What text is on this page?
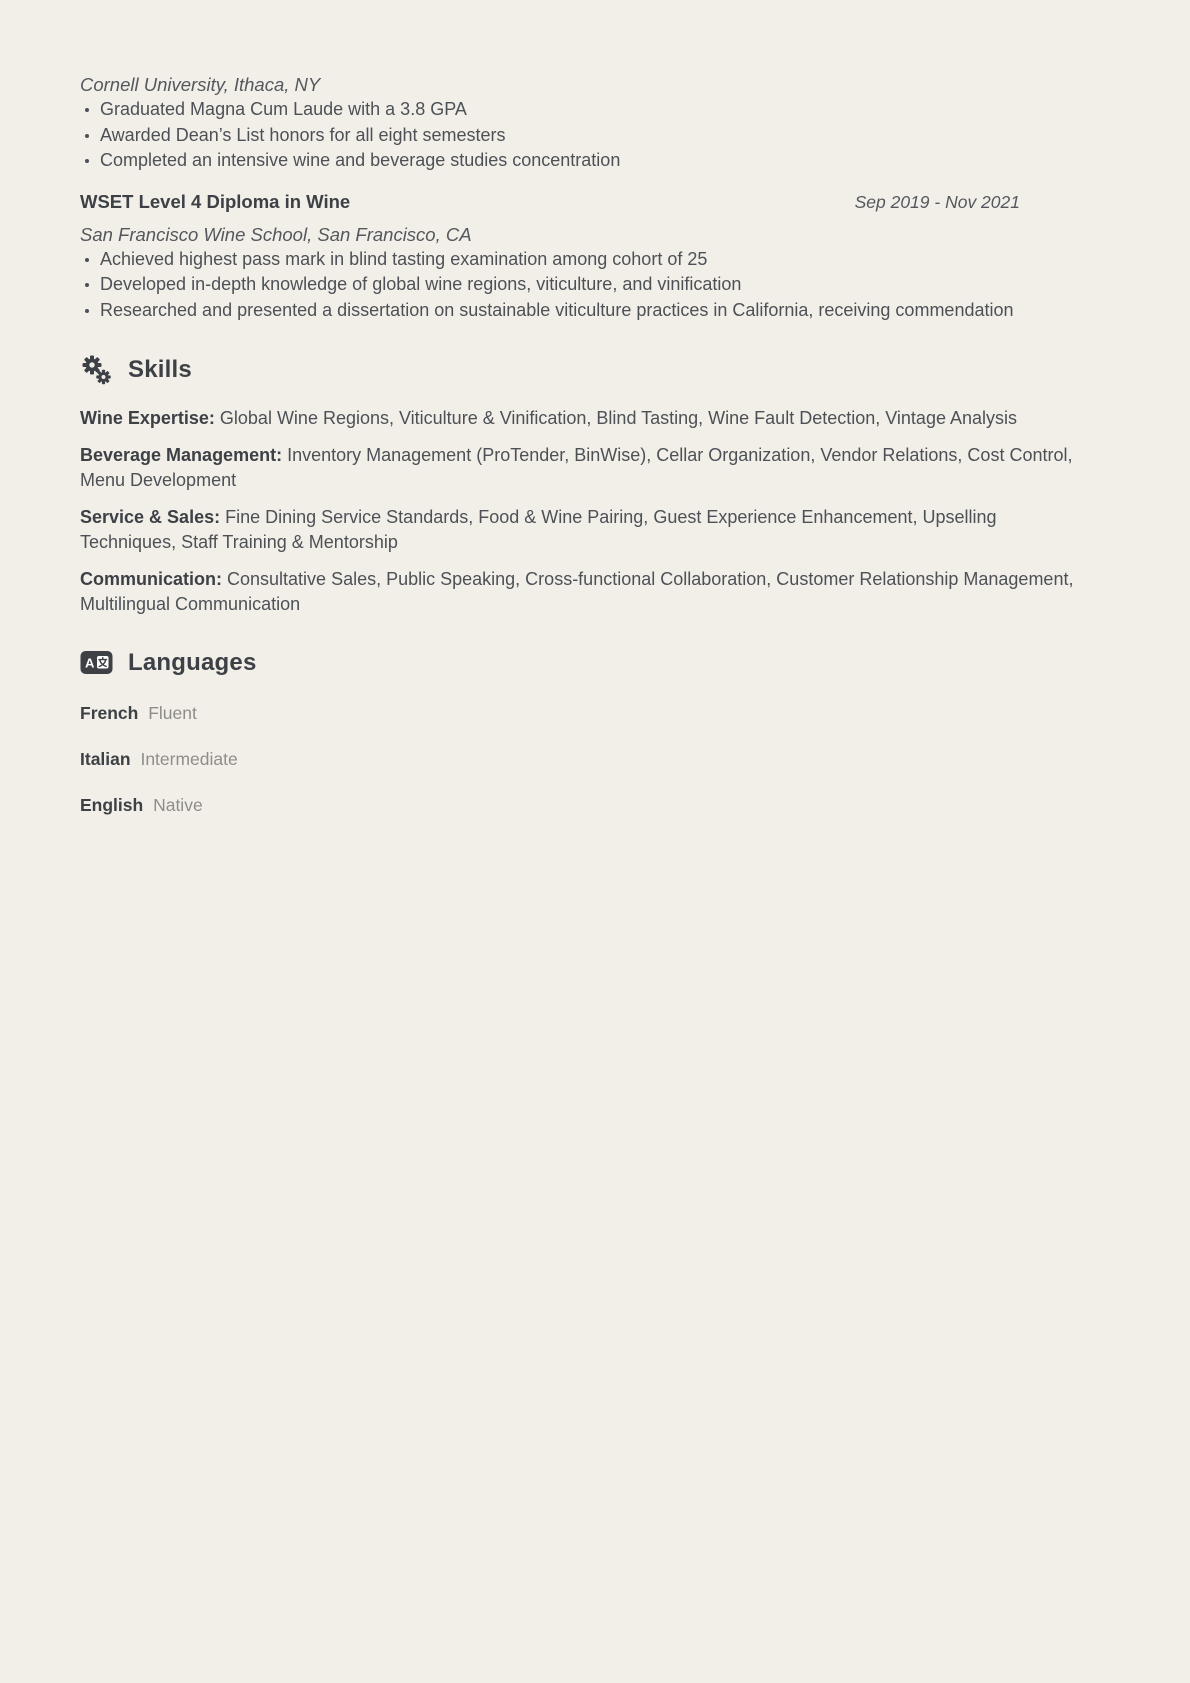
Cornell University, Ithaca, NY
Graduated Magna Cum Laude with a 3.8 GPA
Awarded Dean’s List honors for all eight semesters
Completed an intensive wine and beverage studies concentration
WSET Level 4 Diploma in Wine	Sep 2019 - Nov 2021
San Francisco Wine School, San Francisco, CA
Achieved highest pass mark in blind tasting examination among cohort of 25
Developed in-depth knowledge of global wine regions, viticulture, and vinification
Researched and presented a dissertation on sustainable viticulture practices in California, receiving commendation
Skills

Wine Expertise: Global Wine Regions, Viticulture & Vinification, Blind Tasting, Wine Fault Detection, Vintage Analysis

Beverage Management: Inventory Management (ProTender, BinWise), Cellar Organization, Vendor Relations, Cost Control, Menu Development

Service & Sales: Fine Dining Service Standards, Food & Wine Pairing, Guest Experience Enhancement, Upselling Techniques, Staff Training & Mentorship

Communication: Consultative Sales, Public Speaking, Cross-functional Collaboration, Customer Relationship Management, Multilingual Communication

A Languages
French Fluent
Italian Intermediate
English Native
